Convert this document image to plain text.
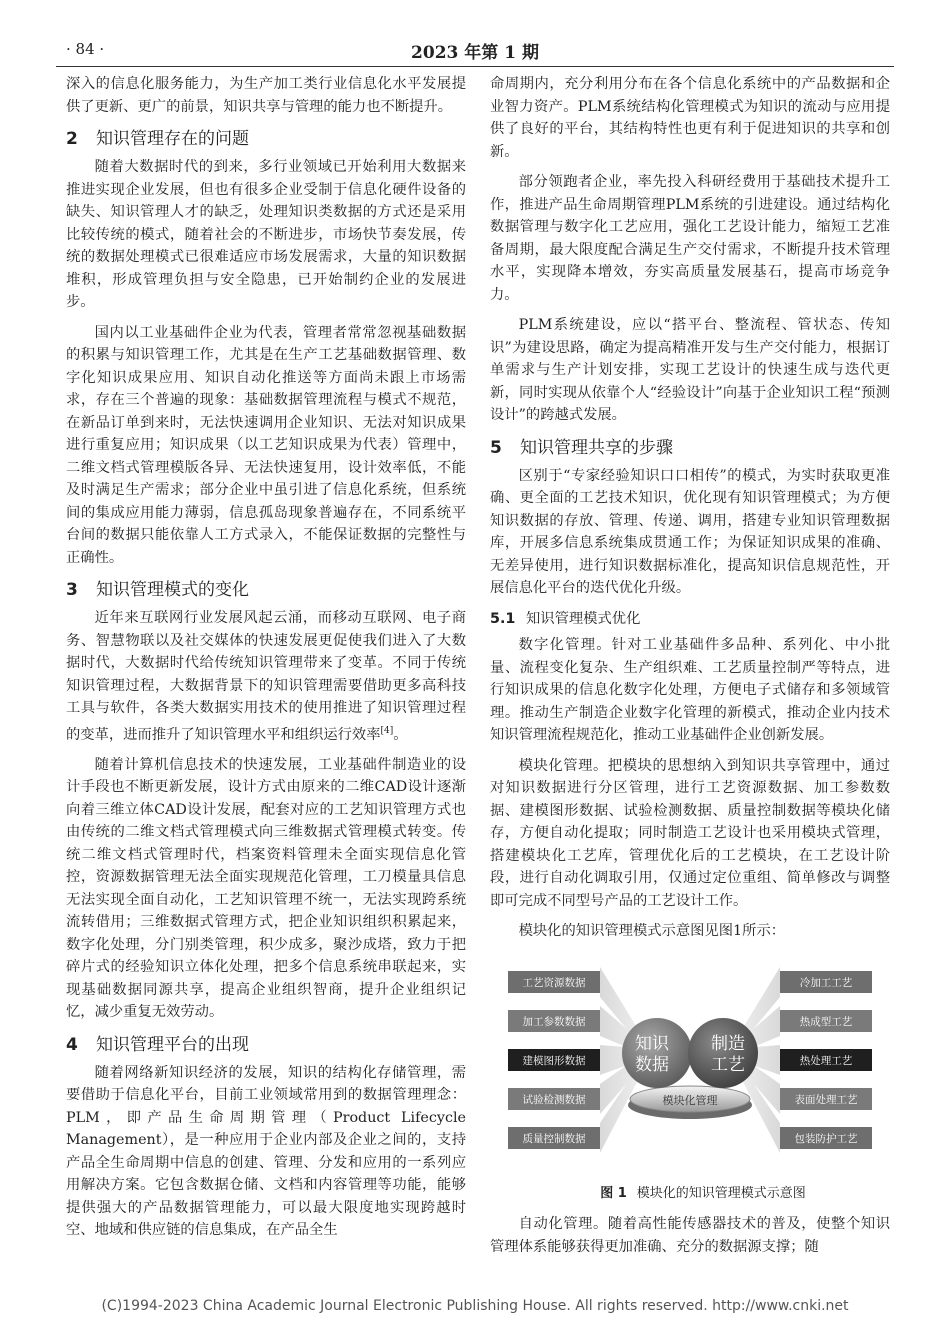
· 84 ·	2023 年第 1 期

深入的信息化服务能力，为生产加工类行业信息化水平发展提供了更新、更广的前景，知识共享与管理的能力也不断提升。

2 知识管理存在的问题

随着大数据时代的到来，多行业领域已开始利用大数据来推进实现企业发展，但也有很多企业受制于信息化硬件设备的缺失、知识管理人才的缺乏，处理知识类数据的方式还是采用比较传统的模式，随着社会的不断进步，市场快节奏发展，传统的数据处理模式已很难适应市场发展需求，大量的知识数据堆积，形成管理负担与安全隐患，已开始制约企业的发展进步。

国内以工业基础件企业为代表，管理者常常忽视基础数据的积累与知识管理工作，尤其是在生产工艺基础数据管理、数字化知识成果应用、知识自动化推送等方面尚未跟上市场需求，存在三个普遍的现象：基础数据管理流程与模式不规范，在新品订单到来时，无法快速调用企业知识、无法对知识成果进行重复应用；知识成果（以工艺知识成果为代表）管理中，二维文档式管理模版各异、无法快速复用，设计效率低，不能及时满足生产需求；部分企业中虽引进了信息化系统，但系统间的集成应用能力薄弱，信息孤岛现象普遍存在，不同系统平台间的数据只能依靠人工方式录入，不能保证数据的完整性与正确性。

3 知识管理模式的变化

近年来互联网行业发展风起云涌，而移动互联网、电子商务、智慧物联以及社交媒体的快速发展更促使我们进入了大数据时代，大数据时代给传统知识管理带来了变革。不同于传统知识管理过程，大数据背景下的知识管理需要借助更多高科技工具与软件，各类大数据实用技术的使用推进了知识管理过程的变革，进而推升了知识管理水平和组织运行效率[4]。

随着计算机信息技术的快速发展，工业基础件制造业的设计手段也不断更新发展，设计方式由原来的二维CAD设计逐渐向着三维立体CAD设计发展，配套对应的工艺知识管理方式也由传统的二维文档式管理模式向三维数据式管理模式转变。传统二维文档式管理时代，档案资料管理未全面实现信息化管控，资源数据管理无法全面实现规范化管理，工刀模量具信息无法实现全面自动化，工艺知识管理不统一，无法实现跨系统流转借用；三维数据式管理方式，把企业知识组织积累起来，数字化处理，分门别类管理，积少成多，聚沙成塔，致力于把碎片式的经验知识立体化处理，把多个信息系统串联起来，实现基础数据同源共享，提高企业组织智商，提升企业组织记忆，减少重复无效劳动。

4 知识管理平台的出现

随着网络新知识经济的发展，知识的结构化存储管理，需要借助于信息化平台，目前工业领域常用到的数据管理理念：PLM，即产品生命周期管理（Product Lifecycle Management），是一种应用于企业内部及企业之间的，支持产品全生命周期中信息的创建、管理、分发和应用的一系列应用解决方案。它包含数据仓储、文档和内容管理等功能，能够提供强大的产品数据管理能力，可以最大限度地实现跨越时空、地域和供应链的信息集成，在产品全生

命周期内，充分利用分布在各个信息化系统中的产品数据和企业智力资产。PLM系统结构化管理模式为知识的流动与应用提供了良好的平台，其结构特性也更有利于促进知识的共享和创新。

部分领跑者企业，率先投入科研经费用于基础技术提升工作，推进产品生命周期管理PLM系统的引进建设。通过结构化数据管理与数字化工艺应用，强化工艺设计能力，缩短工艺准备周期，最大限度配合满足生产交付需求，不断提升技术管理水平，实现降本增效，夯实高质量发展基石，提高市场竞争力。

PLM系统建设，应以“搭平台、整流程、管状态、传知识”为建设思路，确定为提高精准开发与生产交付能力，根据订单需求与生产计划安排，实现工艺设计的快速生成与迭代更新，同时实现从依靠个人“经验设计”向基于企业知识工程“预测设计”的跨越式发展。

5 知识管理共享的步骤

区别于“专家经验知识口口相传”的模式，为实时获取更准确、更全面的工艺技术知识，优化现有知识管理模式；为方便知识数据的存放、管理、传递、调用，搭建专业知识管理数据库，开展多信息系统集成贯通工作；为保证知识成果的准确、无差异使用，进行知识数据标准化，提高知识信息规范性，开展信息化平台的迭代优化升级。

5.1 知识管理模式优化

数字化管理。针对工业基础件多品种、系列化、中小批量、流程变化复杂、生产组织难、工艺质量控制严等特点，进行知识成果的信息化数字化处理，方便电子式储存和多领域管理。推动生产制造企业数字化管理的新模式，推动企业内技术知识管理流程规范化，推动工业基础件企业创新发展。

模块化管理。把模块的思想纳入到知识共享管理中，通过对知识数据进行分区管理，进行工艺资源数据、加工参数数据、建模图形数据、试验检测数据、质量控制数据等模块化储存，方便自动化提取；同时制造工艺设计也采用模块式管理，搭建模块化工艺库，管理优化后的工艺模块，在工艺设计阶段，进行自动化调取引用，仅通过定位重组、简单修改与调整即可完成不同型号产品的工艺设计工作。

模块化的知识管理模式示意图见图1所示：

工艺资源数据
加工参数数据
建模图形数据
试验检测数据
质量控制数据
冷加工工艺
热成型工艺
热处理工艺
表面处理工艺
包装防护工艺
模块化管理
知识
数据
制造
工艺

图 1 模块化的知识管理模式示意图

自动化管理。随着高性能传感器技术的普及，使整个知识管理体系能够获得更加准确、充分的数据源支撑；随

(C)1994-2023 China Academic Journal Electronic Publishing House. All rights reserved. http://www.cnki.net
